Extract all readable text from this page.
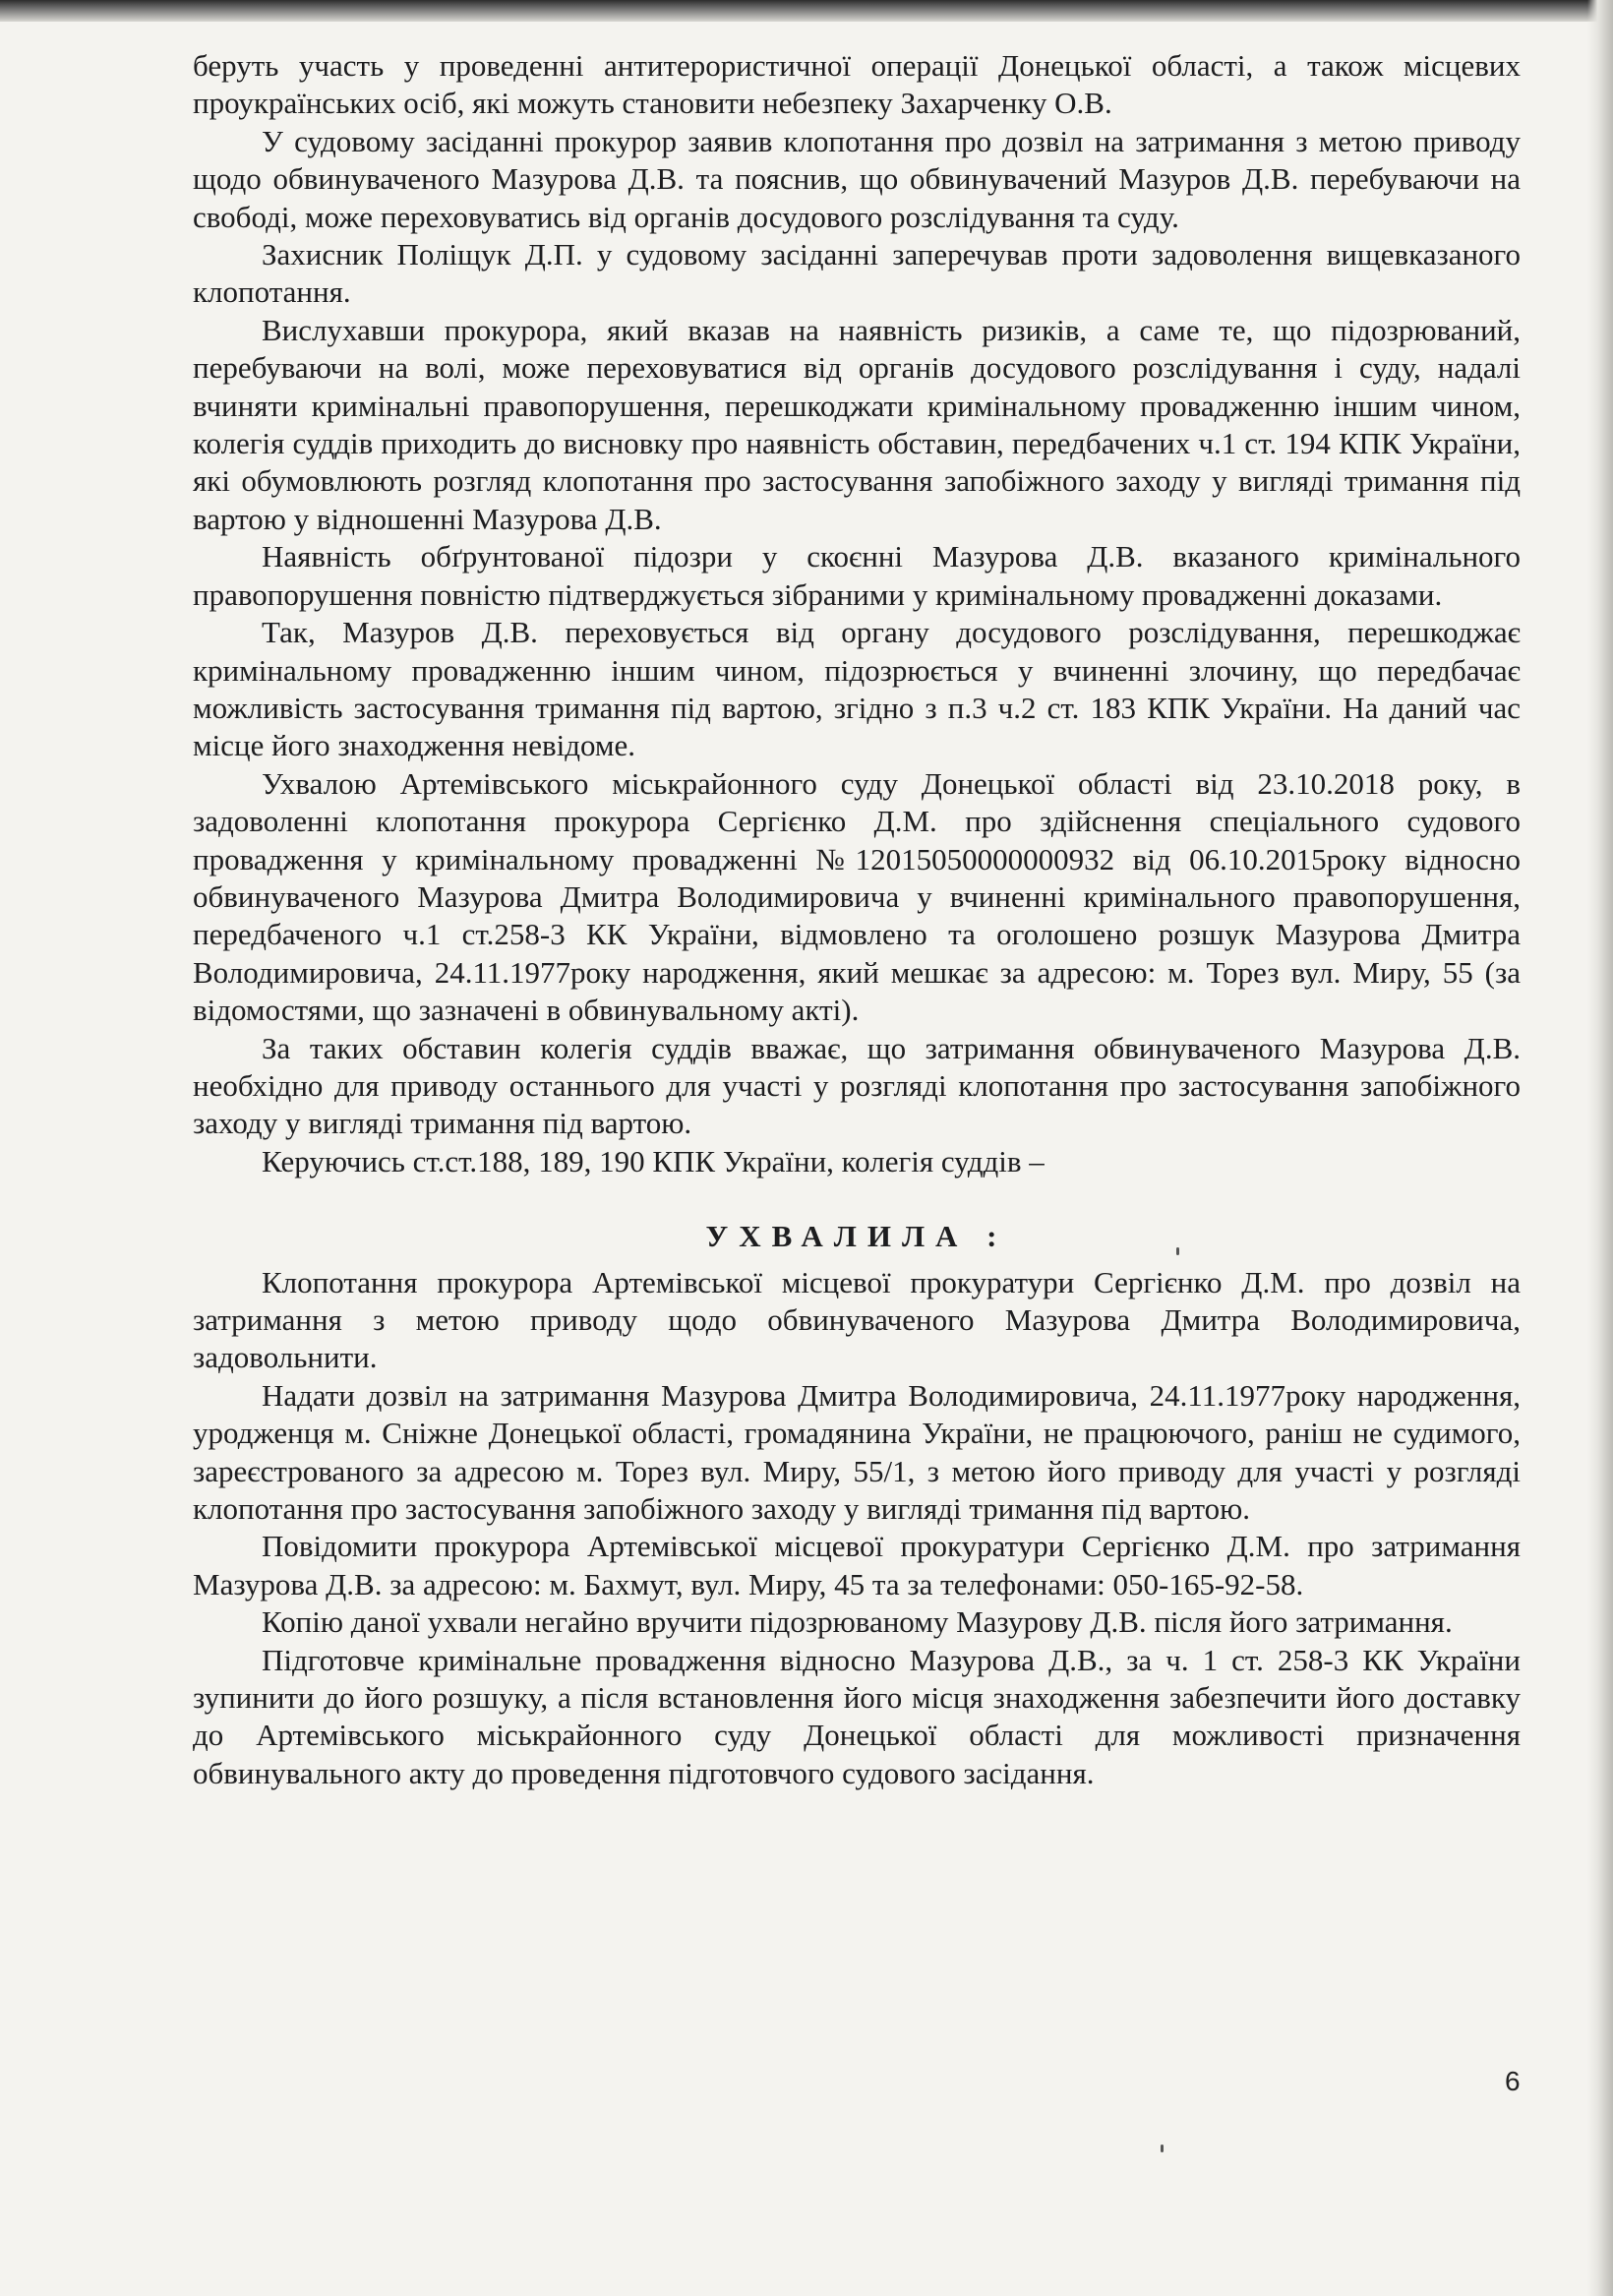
беруть участь у проведенні антитерористичної операції Донецької області, а також місцевих проукраїнських осіб, які можуть становити небезпеку Захарченку О.В.

У судовому засіданні прокурор заявив клопотання про дозвіл на затримання з метою приводу щодо обвинуваченого Мазурова Д.В. та пояснив, що обвинувачений Мазуров Д.В. перебуваючи на свободі, може переховуватись від органів досудового розслідування та суду.

Захисник Поліщук Д.П. у судовому засіданні заперечував проти задоволення вищевказаного клопотання.

Вислухавши прокурора, який вказав на наявність ризиків, а саме те, що підозрюваний, перебуваючи на волі, може переховуватися від органів досудового розслідування і суду, надалі вчиняти кримінальні правопорушення, перешкоджати кримінальному провадженню іншим чином, колегія суддів приходить до висновку про наявність обставин, передбачених ч.1 ст. 194 КПК України, які обумовлюють розгляд клопотання про застосування запобіжного заходу у вигляді тримання під вартою у відношенні Мазурова Д.В.

Наявність обґрунтованої підозри у скоєнні Мазурова Д.В. вказаного кримінального правопорушення повністю підтверджується зібраними у кримінальному провадженні доказами.

Так, Мазуров Д.В. переховується від органу досудового розслідування, перешкоджає кримінальному провадженню іншим чином, підозрюється у вчиненні злочину, що передбачає можливість застосування тримання під вартою, згідно з п.3 ч.2 ст. 183 КПК України. На даний час місце його знаходження невідоме.

Ухвалою Артемівського міськрайонного суду Донецької області від 23.10.2018 року, в задоволенні клопотання прокурора Сергієнко Д.М. про здійснення спеціального судового провадження у кримінальному провадженні №12015050000000932 від 06.10.2015року відносно обвинуваченого Мазурова Дмитра Володимировича у вчиненні кримінального правопорушення, передбаченого ч.1 ст.258-3 КК України, відмовлено та оголошено розшук Мазурова Дмитра Володимировича, 24.11.1977року народження, який мешкає за адресою: м. Торез вул. Миру, 55 (за відомостями, що зазначені в обвинувальному акті).

За таких обставин колегія суддів вважає, що затримання обвинуваченого Мазурова Д.В. необхідно для приводу останнього для участі у розгляді клопотання про застосування запобіжного заходу у вигляді тримання під вартою.

Керуючись ст.ст.188, 189, 190 КПК України, колегія суддів –

УХВАЛИЛА :

Клопотання прокурора Артемівської місцевої прокуратури Сергієнко Д.М. про дозвіл на затримання з метою приводу щодо обвинуваченого Мазурова Дмитра Володимировича, задовольнити.

Надати дозвіл на затримання Мазурова Дмитра Володимировича, 24.11.1977року народження, уродженця м. Сніжне Донецької області, громадянина України, не працюючого, раніш не судимого, зареєстрованого за адресою м. Торез вул. Миру, 55/1, з метою його приводу для участі у розгляді клопотання про застосування запобіжного заходу у вигляді тримання під вартою.

Повідомити прокурора Артемівської місцевої прокуратури Сергієнко Д.М. про затримання Мазурова Д.В. за адресою: м. Бахмут, вул. Миру, 45 та за телефонами: 050-165-92-58.

Копію даної ухвали негайно вручити підозрюваному Мазурову Д.В. після його затримання.

Підготовче кримінальне провадження відносно Мазурова Д.В., за ч. 1 ст. 258-3 КК України зупинити до його розшуку, а після встановлення його місця знаходження забезпечити його доставку до Артемівського міськрайонного суду Донецької області для можливості призначення обвинувального акту до проведення підготовчого судового засідання.

6
